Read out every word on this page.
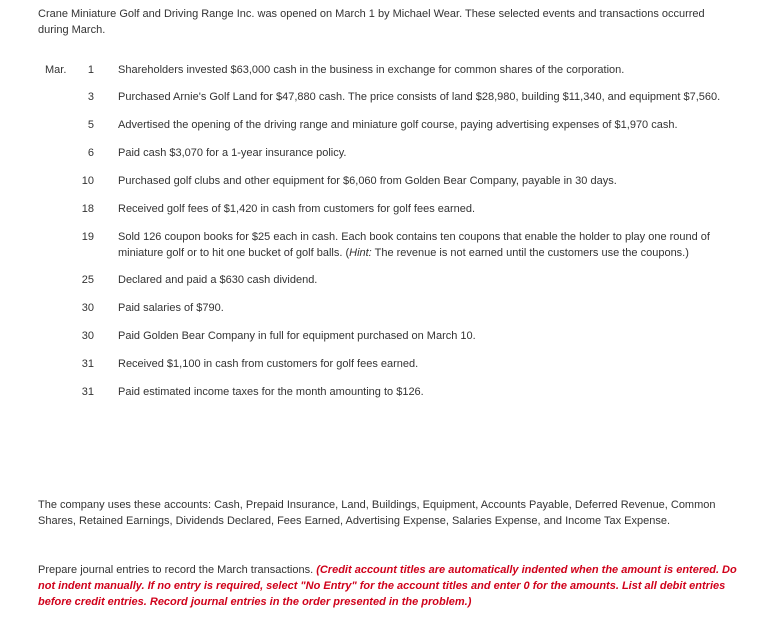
Crane Miniature Golf and Driving Range Inc. was opened on March 1 by Michael Wear. These selected events and transactions occurred during March.
Mar.	1 Shareholders invested $63,000 cash in the business in exchange for common shares of the corporation.
3 Purchased Arnie's Golf Land for $47,880 cash. The price consists of land $28,980, building $11,340, and equipment $7,560.
5 Advertised the opening of the driving range and miniature golf course, paying advertising expenses of $1,970 cash.
6 Paid cash $3,070 for a 1-year insurance policy.
10 Purchased golf clubs and other equipment for $6,060 from Golden Bear Company, payable in 30 days.
18 Received golf fees of $1,420 in cash from customers for golf fees earned.
19 Sold 126 coupon books for $25 each in cash. Each book contains ten coupons that enable the holder to play one round of miniature golf or to hit one bucket of golf balls. (Hint: The revenue is not earned until the customers use the coupons.)
25 Declared and paid a $630 cash dividend.
30 Paid salaries of $790.
30 Paid Golden Bear Company in full for equipment purchased on March 10.
31 Received $1,100 in cash from customers for golf fees earned.
31 Paid estimated income taxes for the month amounting to $126.
The company uses these accounts: Cash, Prepaid Insurance, Land, Buildings, Equipment, Accounts Payable, Deferred Revenue, Common Shares, Retained Earnings, Dividends Declared, Fees Earned, Advertising Expense, Salaries Expense, and Income Tax Expense.
Prepare journal entries to record the March transactions. (Credit account titles are automatically indented when the amount is entered. Do not indent manually. If no entry is required, select "No Entry" for the account titles and enter 0 for the amounts. List all debit entries before credit entries. Record journal entries in the order presented in the problem.)
